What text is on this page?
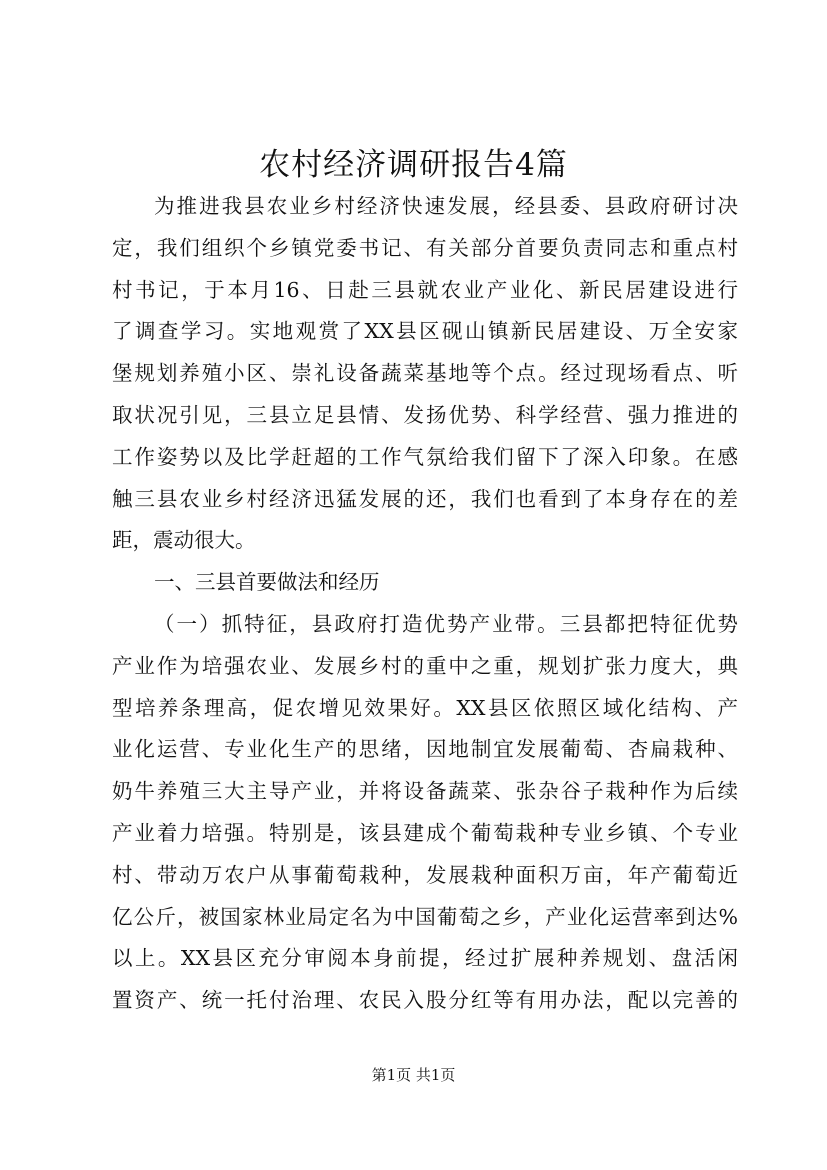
农村经济调研报告4篇
为推进我县农业乡村经济快速发展，经县委、县政府研讨决
定，我们组织个乡镇党委书记、有关部分首要负责同志和重点村
村书记，于本月16、日赴三县就农业产业化、新民居建设进行
了调查学习。实地观赏了XX县区砚山镇新民居建设、万全安家
堡规划养殖小区、崇礼设备蔬菜基地等个点。经过现场看点、听
取状况引见，三县立足县情、发扬优势、科学经营、强力推进的
工作姿势以及比学赶超的工作气氛给我们留下了深入印象。在感
触三县农业乡村经济迅猛发展的还，我们也看到了本身存在的差
距，震动很大。
一、三县首要做法和经历
（一）抓特征，县政府打造优势产业带。三县都把特征优势
产业作为培强农业、发展乡村的重中之重，规划扩张力度大，典
型培养条理高，促农增见效果好。XX县区依照区域化结构、产
业化运营、专业化生产的思绪，因地制宜发展葡萄、杏扁栽种、
奶牛养殖三大主导产业，并将设备蔬菜、张杂谷子栽种作为后续
产业着力培强。特别是，该县建成个葡萄栽种专业乡镇、个专业
村、带动万农户从事葡萄栽种，发展栽种面积万亩，年产葡萄近
亿公斤，被国家林业局定名为中国葡萄之乡，产业化运营率到达%
以上。XX县区充分审阅本身前提，经过扩展种养规划、盘活闲
置资产、统一托付治理、农民入股分红等有用办法，配以完善的
第1页 共1页
